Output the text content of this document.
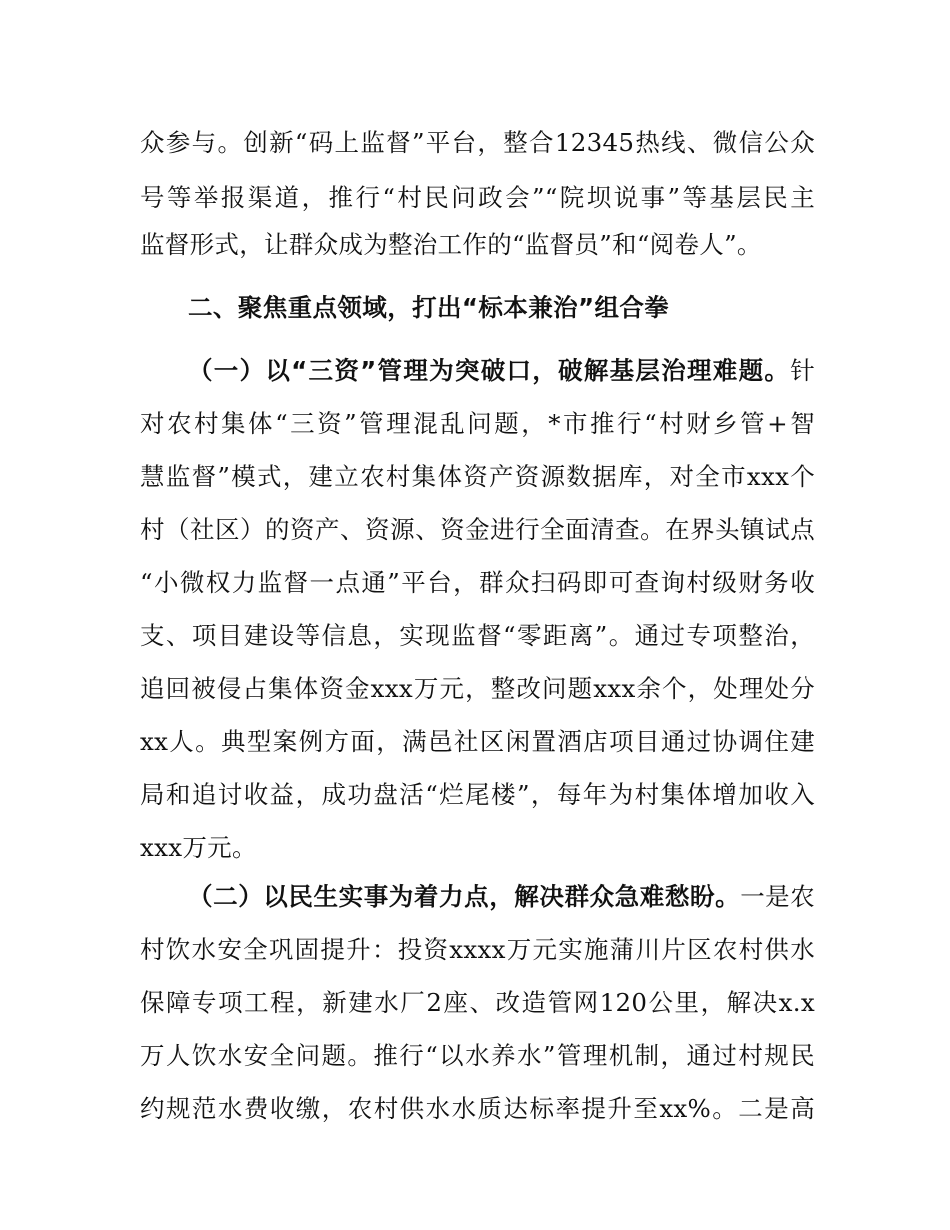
众参与。创新“码上监督”平台，整合12345热线、微信公众
号等举报渠道，推行“村民问政会”“院坝说事”等基层民主
监督形式，让群众成为整治工作的“监督员”和“阅卷人”。
二、聚焦重点领域，打出“标本兼治”组合拳
（一）以“三资”管理为突破口，破解基层治理难题。针
对农村集体“三资”管理混乱问题，*市推行“村财乡管+智
慧监督”模式，建立农村集体资产资源数据库，对全市xxx个
村（社区）的资产、资源、资金进行全面清查。在界头镇试点
“小微权力监督一点通”平台，群众扫码即可查询村级财务收
支、项目建设等信息，实现监督“零距离”。通过专项整治，
追回被侵占集体资金xxx万元，整改问题xxx余个，处理处分
xx人。典型案例方面，满邑社区闲置酒店项目通过协调住建
局和追讨收益，成功盘活“烂尾楼”，每年为村集体增加收入
xxx万元。
（二）以民生实事为着力点，解决群众急难愁盼。一是农
村饮水安全巩固提升：投资xxxx万元实施蒲川片区农村供水
保障专项工程，新建水厂2座、改造管网120公里，解决x.x
万人饮水安全问题。推行“以水养水”管理机制，通过村规民
约规范水费收缴，农村供水水质达标率提升至xx%。二是高
